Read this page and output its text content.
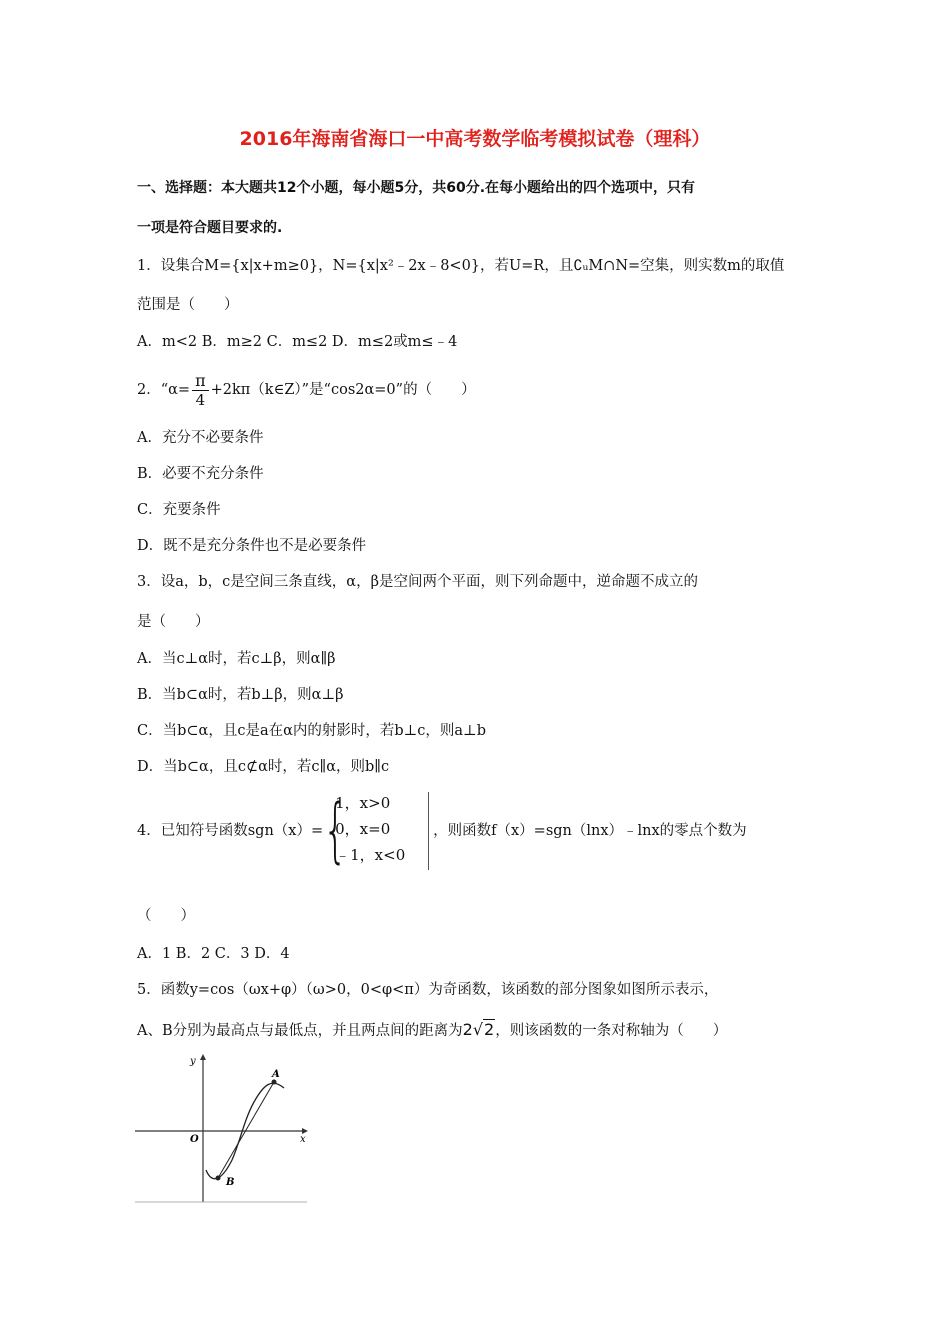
2016年海南省海口一中高考数学临考模拟试卷（理科）
一、选择题：本大题共12个小题，每小题5分，共60分.在每小题给出的四个选项中，只有
一项是符合题目要求的.
1．设集合M={x|x+m≥0}，N={x|x²﹣2x﹣8<0}，若U=R，且∁ᵤM∩N=空集，则实数m的取值
范围是（　　）
A．m<2 B．m≥2 C．m≤2 D．m≤2或m≤﹣4
2．“$\alpha= \frac{\pi}{4}$ +2kπ（k∈Z）”是“cos2α=0”的（　　）
A．充分不必要条件
B．必要不充分条件
C．充要条件
D．既不是充分条件也不是必要条件
3．设a，b，c是空间三条直线，α，β是空间两个平面，则下列命题中，逆命题不成立的
是（　　）
A．当c⊥α时，若c⊥β，则α∥β
B．当b⊂α时，若b⊥β，则α⊥β
C．当b⊂α，且c是a在α内的射影时，若b⊥c，则a⊥b
D．当b⊂α，且c⊄α时，若c∥α，则b∥c
4．已知符号函数sgn（x）= {
1，x>0
0，x=0
﹣1，x<0
，则函数f（x）=sgn（lnx）﹣lnx的零点个数为
（　　）
A．1 B．2 C．3 D．4
5．函数y=cos（ωx+φ）（ω>0，0<φ<π）为奇函数，该函数的部分图象如图所示表示，
A、B分别为最高点与最低点，并且两点间的距离为2√2，则该函数的一条对称轴为（　　）
y
x
O
A
B
